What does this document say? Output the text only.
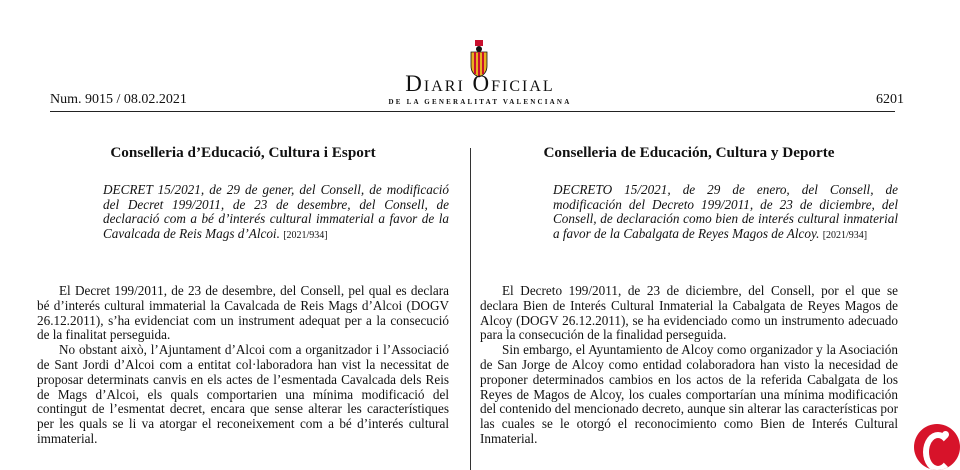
Num. 9015 / 08.02.2021
Diari Oficial
DE LA GENERALITAT VALENCIANA	6201
Conselleria d’Educació, Cultura i Esport
DECRET 15/2021, de 29 de gener, del Consell, de modificació del Decret 199/2011, de 23 de desembre, del Consell, de declaració com a bé d’interés cultural immaterial a favor de la Cavalcada de Reis Mags d’Alcoi. [2021/934]

El Decret 199/2011, de 23 de desembre, del Consell, pel qual es declara bé d’interés cultural immaterial la Cavalcada de Reis Mags d’Alcoi (DOGV 26.12.2011), s’ha evidenciat com un instrument adequat per a la consecució de la finalitat perseguida.

No obstant això, l’Ajuntament d’Alcoi com a organitzador i l’Associació de Sant Jordi d’Alcoi com a entitat col·laboradora han vist la necessitat de proposar determinats canvis en els actes de l’esmentada Cavalcada dels Reis de Mags d’Alcoi, els quals comportarien una mínima modificació del contingut de l’esmentat decret, encara que sense alterar les característiques per les quals se li va atorgar el reconeixement com a bé d’interés cultural immaterial.

Conselleria de Educación, Cultura y Deporte
DECRETO 15/2021, de 29 de enero, del Consell, de modificación del Decreto 199/2011, de 23 de diciembre, del Consell, de declaración como bien de interés cultural inmaterial a favor de la Cabalgata de Reyes Magos de Alcoy. [2021/934]

El Decreto 199/2011, de 23 de diciembre, del Consell, por el que se declara Bien de Interés Cultural Inmaterial la Cabalgata de Reyes Magos de Alcoy (DOGV 26.12.2011), se ha evidenciado como un instrumento adecuado para la consecución de la finalidad perseguida.

Sin embargo, el Ayuntamiento de Alcoy como organizador y la Asociación de San Jorge de Alcoy como entidad colaboradora han visto la necesidad de proponer determinados cambios en los actos de la referida Cabalgata de los Reyes de Magos de Alcoy, los cuales comportarían una mínima modificación del contenido del mencionado decreto, aunque sin alterar las características por las cuales se le otorgó el reconocimiento como Bien de Interés Cultural Inmaterial.
